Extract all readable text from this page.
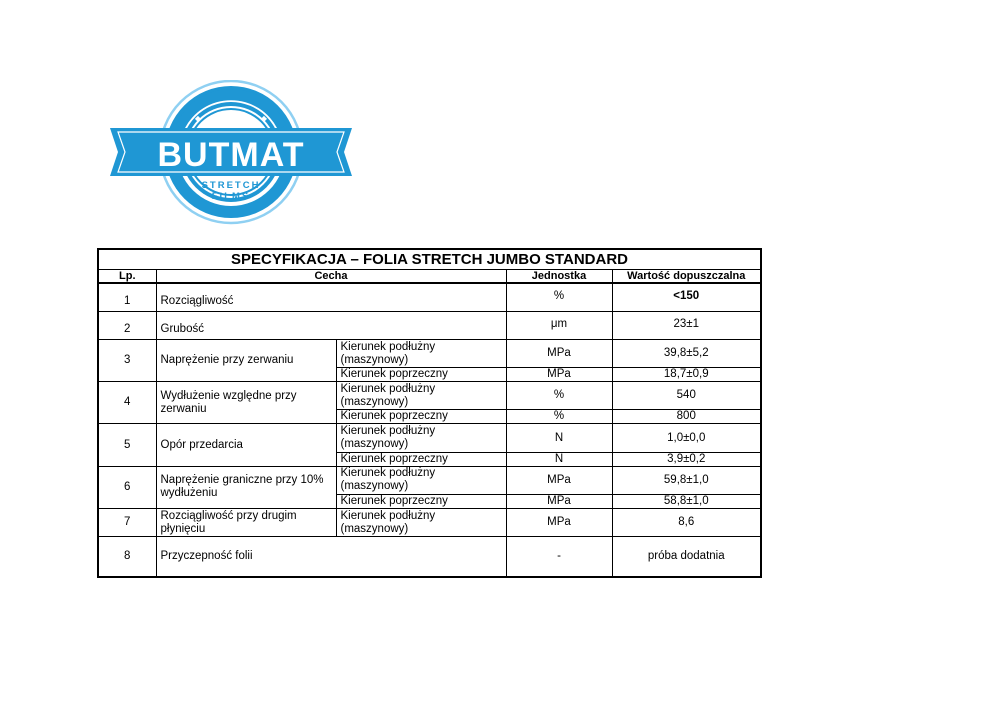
2008
◆	◆
BUTMAT
STRETCH
FILMS
SPECYFIKACJA – FOLIA STRETCH JUMBO STANDARD				
Lp.	Cecha		Jednostka	Wartość dopuszczalna
1	Rozciągliwość		%	<150
2	Grubość		μm	23±1
3	Naprężenie przy zerwaniu	Kierunek podłużny (maszynowy)	MPa	39,8±5,2
		Kierunek poprzeczny	MPa	18,7±0,9
4	Wydłużenie względne przy zerwaniu	Kierunek podłużny (maszynowy)	%	540
		Kierunek poprzeczny	%	800
5	Opór przedarcia	Kierunek podłużny (maszynowy)	N	1,0±0,0
		Kierunek poprzeczny	N	3,9±0,2
6	Naprężenie graniczne przy 10% wydłużeniu	Kierunek podłużny (maszynowy)	MPa	59,8±1,0
		Kierunek poprzeczny	MPa	58,8±1,0
7	Rozciągliwość przy drugim płynięciu	Kierunek podłużny (maszynowy)	MPa	8,6
8	Przyczepność folii		-	próba dodatnia
